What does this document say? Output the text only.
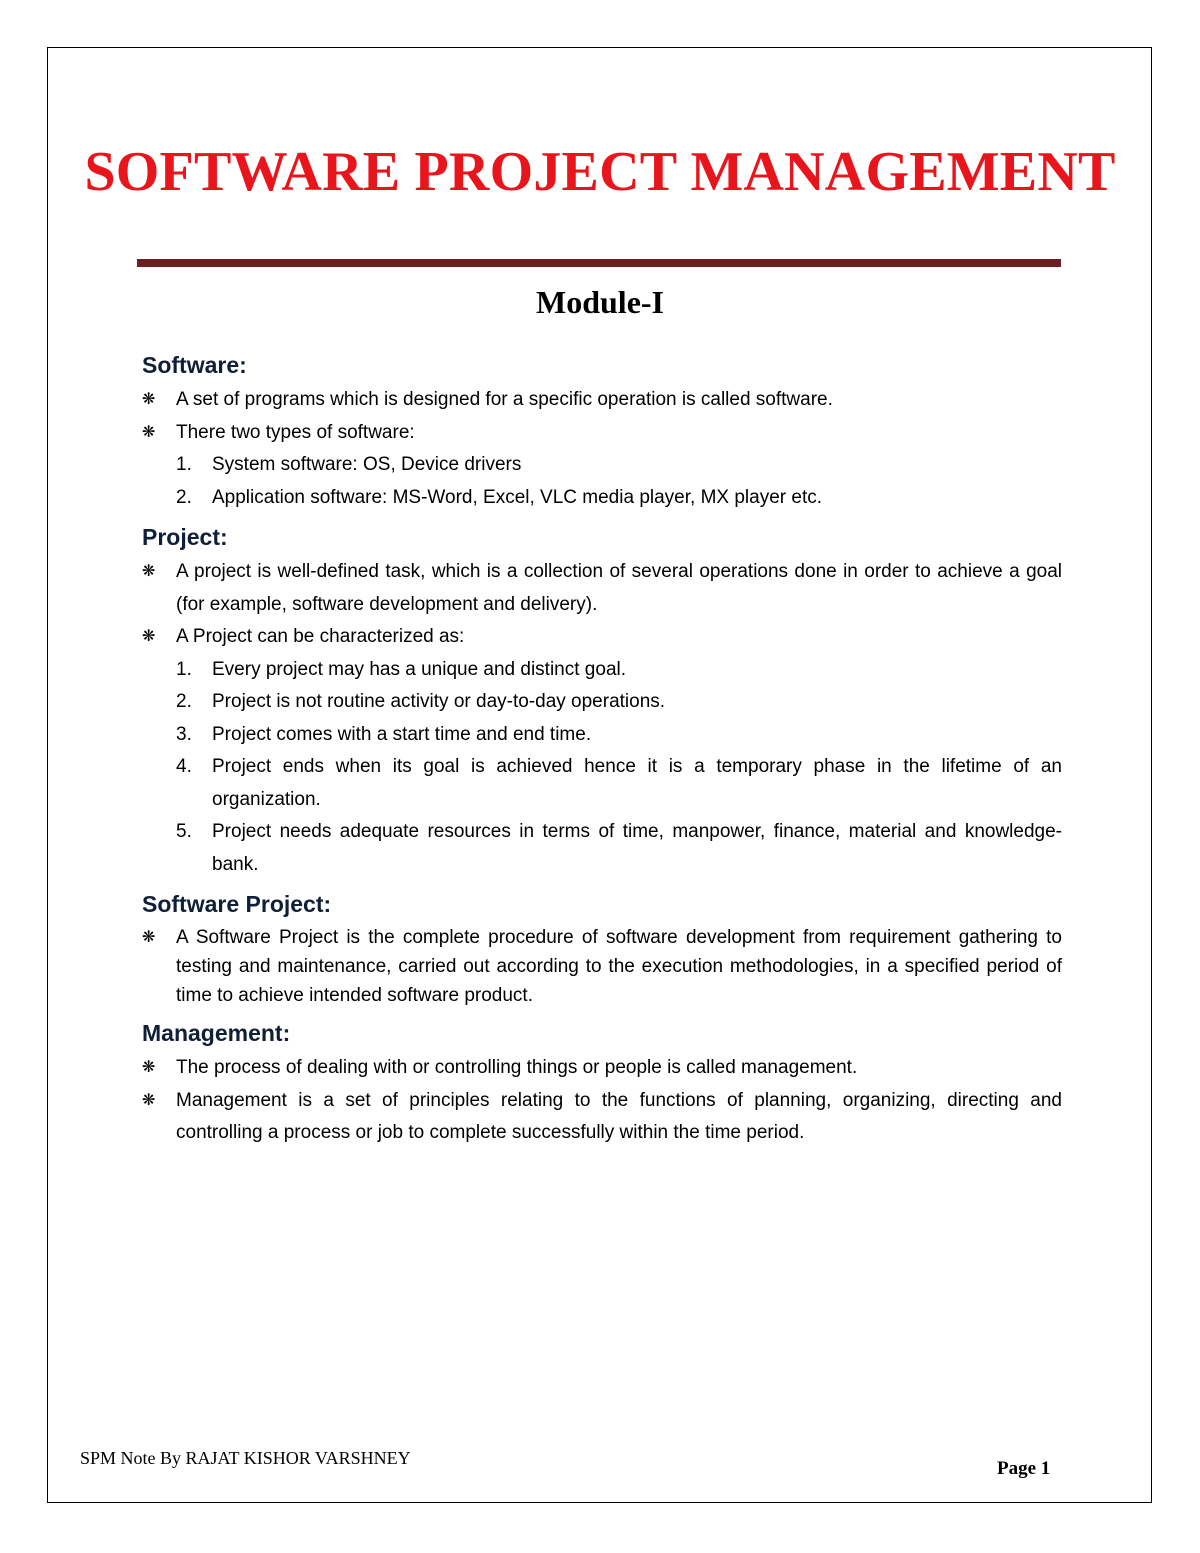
SOFTWARE PROJECT MANAGEMENT
Module-I
Software:
❋	A set of programs which is designed for a specific operation is called software.
❋	There two types of software:
1. System software: OS, Device drivers
2. Application software: MS-Word, Excel, VLC media player, MX player etc.
Project:
❋	A project is well-defined task, which is a collection of several operations done in order to achieve a goal (for example, software development and delivery).
❋	A Project can be characterized as:
1. Every project may has a unique and distinct goal.
2. Project is not routine activity or day-to-day operations.
3. Project comes with a start time and end time.
4. Project ends when its goal is achieved hence it is a temporary phase in the lifetime of an organization.
5. Project needs adequate resources in terms of time, manpower, finance, material and knowledge-bank.
Software Project:
❋	A Software Project is the complete procedure of software development from requirement gathering to testing and maintenance, carried out according to the execution methodologies, in a specified period of time to achieve intended software product.
Management:
❋	The process of dealing with or controlling things or people is called management.
❋	Management is a set of principles relating to the functions of planning, organizing, directing and controlling a process or job to complete successfully within the time period.
SPM Note By RAJAT KISHOR VARSHNEY	Page 1
